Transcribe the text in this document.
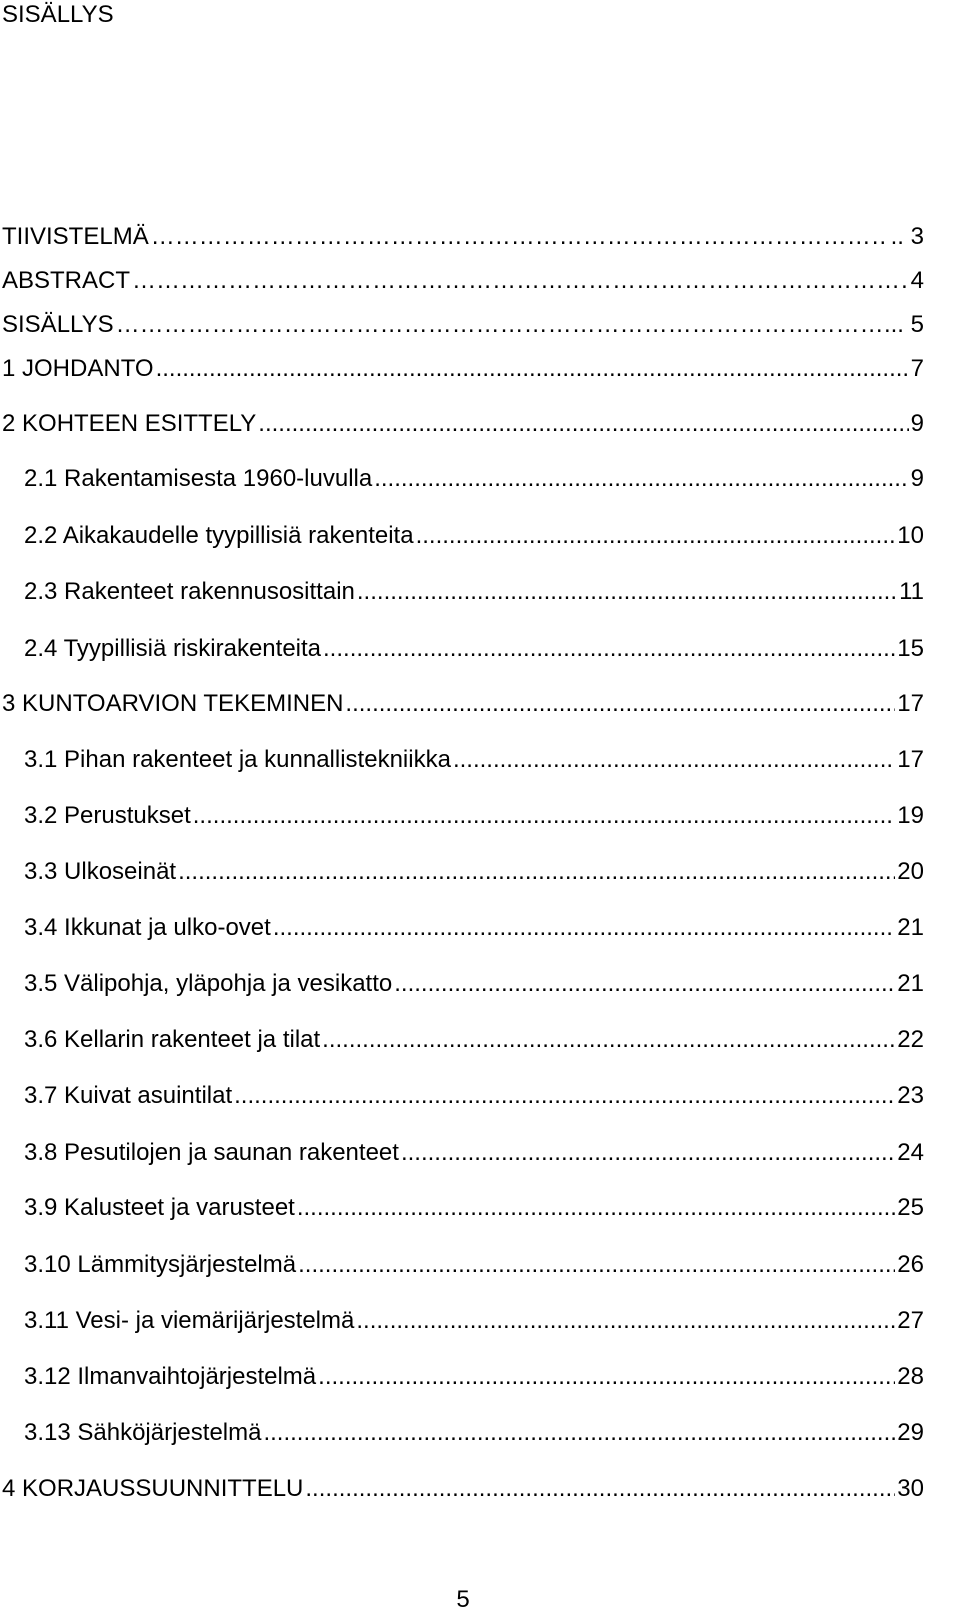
SISÄLLYS
TIIVISTELMÄ ……………………………………………………………………………………………………………………………………………………………………………………………………………………	.. 3
ABSTRACT ……………………………………………………………………………………………………………………………………………………………………………………………………………………	4
SISÄLLYS ……………………………………………………………………………………………………………………………………………………………………………………………………………………	... 5
1 JOHDANTO .....	7
2 KOHTEEN ESITTELY .....	9
2.1 Rakentamisesta 1960-luvulla .....	9
2.2 Aikakaudelle tyypillisiä rakenteita .....	10
2.3 Rakenteet rakennusosittain .....	11
2.4 Tyypillisiä riskirakenteita .....	15
3 KUNTOARVION TEKEMINEN .....	17
3.1 Pihan rakenteet ja kunnallistekniikka .....	17
3.2 Perustukset .....	19
3.3 Ulkoseinät .....	20
3.4 Ikkunat ja ulko-ovet .....	21
3.5 Välipohja, yläpohja ja vesikatto .....	21
3.6 Kellarin rakenteet ja tilat .....	22
3.7 Kuivat asuintilat .....	23
3.8 Pesutilojen ja saunan rakenteet .....	24
3.9 Kalusteet ja varusteet .....	25
3.10 Lämmitysjärjestelmä .....	26
3.11 Vesi- ja viemärijärjestelmä .....	27
3.12 Ilmanvaihtojärjestelmä .....	28
3.13 Sähköjärjestelmä .....	29
4 KORJAUSSUUNNITTELU .....	30
5
